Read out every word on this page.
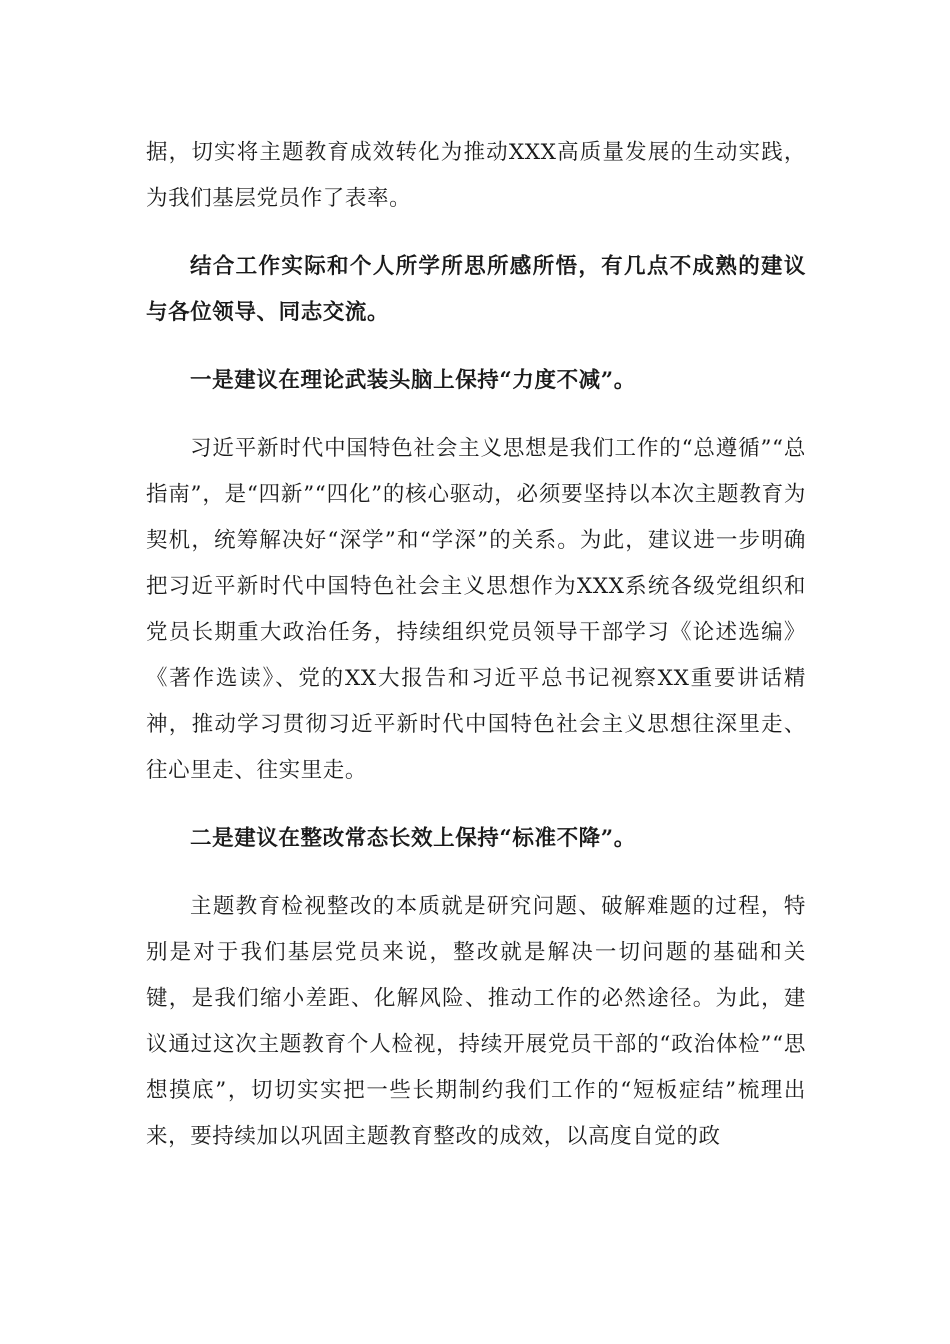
据，切实将主题教育成效转化为推动XXX高质量发展的生动实践，为我们基层党员作了表率。

结合工作实际和个人所学所思所感所悟，有几点不成熟的建议与各位领导、同志交流。

一是建议在理论武装头脑上保持“力度不减”。

习近平新时代中国特色社会主义思想是我们工作的“总遵循”“总指南”，是“四新”“四化”的核心驱动，必须要坚持以本次主题教育为契机，统筹解决好“深学”和“学深”的关系。为此，建议进一步明确把习近平新时代中国特色社会主义思想作为XXX系统各级党组织和党员长期重大政治任务，持续组织党员领导干部学习《论述选编》《著作选读》、党的XX大报告和习近平总书记视察XX重要讲话精神，推动学习贯彻习近平新时代中国特色社会主义思想往深里走、往心里走、往实里走。

二是建议在整改常态长效上保持“标准不降”。

主题教育检视整改的本质就是研究问题、破解难题的过程，特别是对于我们基层党员来说，整改就是解决一切问题的基础和关键，是我们缩小差距、化解风险、推动工作的必然途径。为此，建议通过这次主题教育个人检视，持续开展党员干部的“政治体检”“思想摸底”，切切实实把一些长期制约我们工作的“短板症结”梳理出来，要持续加以巩固主题教育整改的成效，以高度自觉的政
